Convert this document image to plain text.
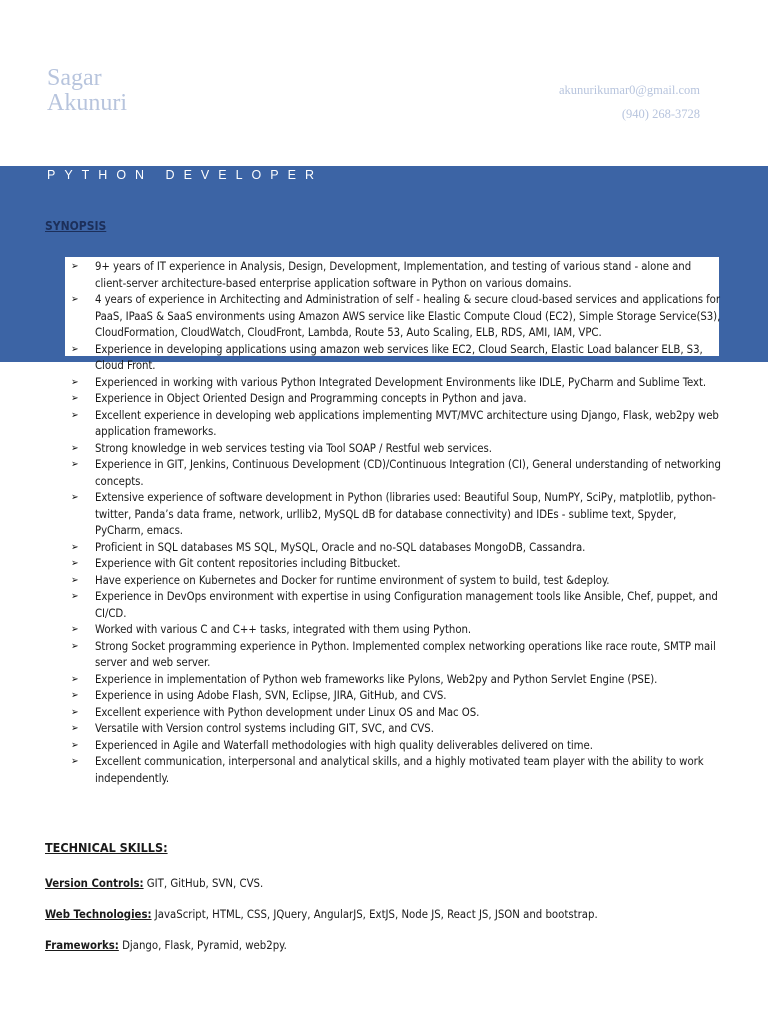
Sagar
Akunuri	akunurikumar0@gmail.com
(940) 268-3728
PYTHON DEVELOPER
SYNOPSIS
➢ 9+ years of IT experience in Analysis, Design, Development, Implementation, and testing of various stand - alone and client-server architecture-based enterprise application software in Python on various domains.
➢ 4 years of experience in Architecting and Administration of self - healing & secure cloud-based services and applications for PaaS, IPaaS & SaaS environments using Amazon AWS service like Elastic Compute Cloud (EC2), Simple Storage Service(S3), CloudFormation, CloudWatch, CloudFront, Lambda, Route 53, Auto Scaling, ELB, RDS, AMI, IAM, VPC.
➢ Experience in developing applications using amazon web services like EC2, Cloud Search, Elastic Load balancer ELB, S3, Cloud Front.
➢ Experienced in working with various Python Integrated Development Environments like IDLE, PyCharm and Sublime Text.
➢ Experience in Object Oriented Design and Programming concepts in Python and java.
➢ Excellent experience in developing web applications implementing MVT/MVC architecture using Django, Flask, web2py web application frameworks.
➢ Strong knowledge in web services testing via Tool SOAP / Restful web services.
➢ Experience in GIT, Jenkins, Continuous Development (CD)/Continuous Integration (CI), General understanding of networking concepts.
➢ Extensive experience of software development in Python (libraries used: Beautiful Soup, NumPY, SciPy, matplotlib, python-twitter, Panda’s data frame, network, urllib2, MySQL dB for database connectivity) and IDEs - sublime text, Spyder, PyCharm, emacs.
➢ Proficient in SQL databases MS SQL, MySQL, Oracle and no-SQL databases MongoDB, Cassandra.
➢ Experience with Git content repositories including Bitbucket.
➢ Have experience on Kubernetes and Docker for runtime environment of system to build, test &deploy.
➢ Experience in DevOps environment with expertise in using Configuration management tools like Ansible, Chef, puppet, and CI/CD.
➢ Worked with various C and C++ tasks, integrated with them using Python.
➢ Strong Socket programming experience in Python. Implemented complex networking operations like race route, SMTP mail server and web server.
➢ Experience in implementation of Python web frameworks like Pylons, Web2py and Python Servlet Engine (PSE).
➢ Experience in using Adobe Flash, SVN, Eclipse, JIRA, GitHub, and CVS.
➢ Excellent experience with Python development under Linux OS and Mac OS.
➢ Versatile with Version control systems including GIT, SVC, and CVS.
➢ Experienced in Agile and Waterfall methodologies with high quality deliverables delivered on time.
➢ Excellent communication, interpersonal and analytical skills, and a highly motivated team player with the ability to work independently.
TECHNICAL SKILLS:
Version Controls: GIT, GitHub, SVN, CVS.
Web Technologies: JavaScript, HTML, CSS, JQuery, AngularJS, ExtJS, Node JS, React JS, JSON and bootstrap.
Frameworks: Django, Flask, Pyramid, web2py.
